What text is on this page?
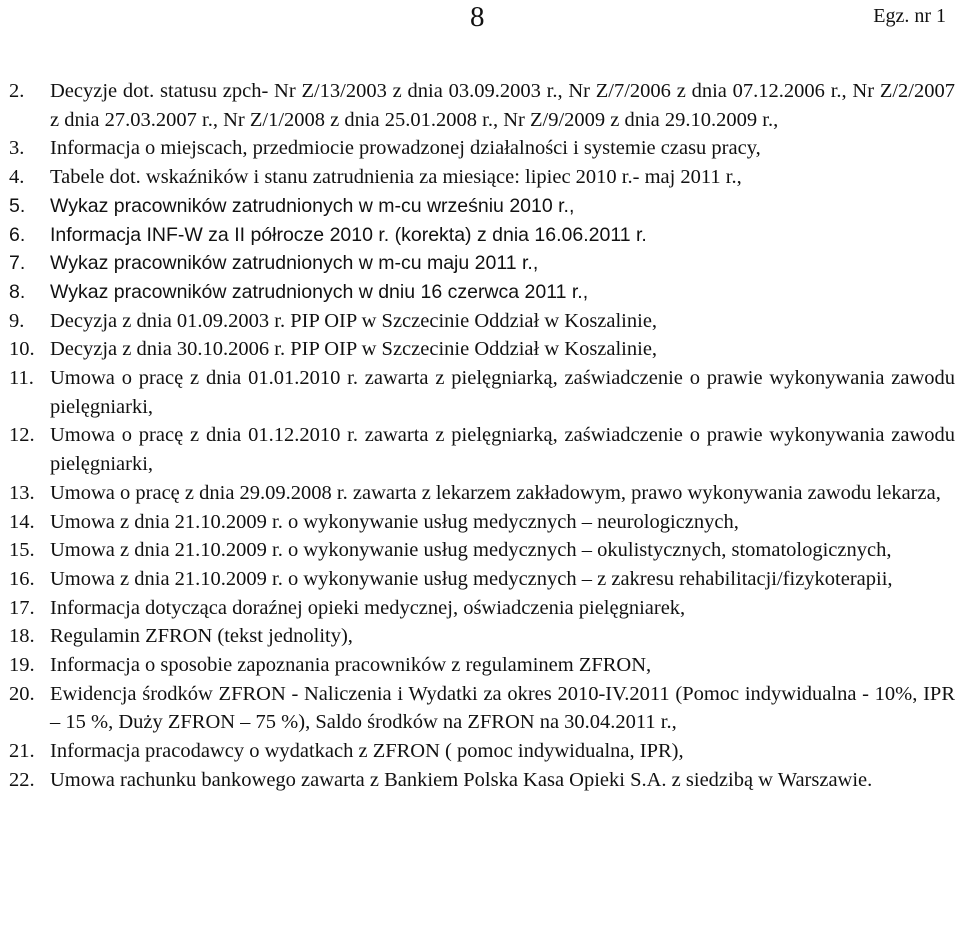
8	Egz. nr 1
2.	Decyzje dot. statusu zpch- Nr Z/13/2003 z dnia 03.09.2003 r., Nr Z/7/2006 z dnia 07.12.2006 r., Nr Z/2/2007 z dnia 27.03.2007 r., Nr Z/1/2008 z dnia 25.01.2008 r., Nr Z/9/2009 z dnia 29.10.2009 r.,
3.	Informacja o miejscach, przedmiocie prowadzonej działalności i systemie czasu pracy,
4.	Tabele dot. wskaźników i stanu zatrudnienia za miesiące: lipiec 2010 r.- maj 2011 r.,
5.	Wykaz pracowników zatrudnionych w m-cu wrześniu 2010 r.,
6.	Informacja INF-W za II półrocze 2010 r. (korekta) z dnia 16.06.2011 r.
7.	Wykaz pracowników zatrudnionych w m-cu maju 2011 r.,
8.	Wykaz pracowników zatrudnionych w dniu 16 czerwca 2011 r.,
9.	Decyzja z dnia 01.09.2003 r. PIP OIP w Szczecinie Oddział w Koszalinie,
10. Decyzja z dnia 30.10.2006 r. PIP OIP w Szczecinie Oddział w Koszalinie,
11. Umowa o pracę z dnia 01.01.2010 r. zawarta z pielęgniarką, zaświadczenie o prawie wykonywania zawodu pielęgniarki,
12. Umowa o pracę z dnia 01.12.2010 r. zawarta z pielęgniarką, zaświadczenie o prawie wykonywania zawodu pielęgniarki,
13. Umowa o pracę z dnia 29.09.2008 r. zawarta z lekarzem zakładowym, prawo wykonywania zawodu lekarza,
14. Umowa z dnia 21.10.2009 r. o wykonywanie usług medycznych – neurologicznych,
15. Umowa z dnia 21.10.2009 r. o wykonywanie usług medycznych – okulistycznych, stomatologicznych,
16. Umowa z dnia 21.10.2009 r. o wykonywanie usług medycznych – z zakresu rehabilitacji/fizykoterapii,
17. Informacja dotycząca doraźnej opieki medycznej, oświadczenia pielęgniarek,
18. Regulamin ZFRON (tekst jednolity),
19. Informacja o sposobie zapoznania pracowników z regulaminem ZFRON,
20. Ewidencja środków ZFRON - Naliczenia i Wydatki za okres 2010-IV.2011 (Pomoc indywidualna - 10%, IPR – 15 %, Duży ZFRON – 75 %), Saldo środków na ZFRON na 30.04.2011 r.,
21. Informacja pracodawcy o wydatkach z ZFRON ( pomoc indywidualna, IPR),
22. Umowa rachunku bankowego zawarta z Bankiem Polska Kasa Opieki S.A. z siedzibą w Warszawie.
